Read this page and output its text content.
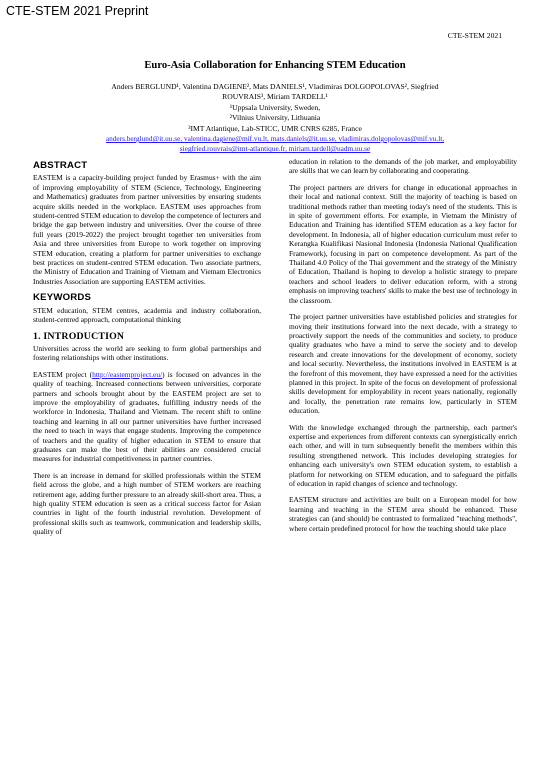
CTE-STEM 2021 Preprint
CTE-STEM 2021
Euro-Asia Collaboration for Enhancing STEM Education
Anders BERGLUND¹, Valentina DAGIENE², Mats DANIELS¹, Vladimiras DOLGOPOLOVAS², Siegfried
ROUVRAIS³, Miriam TARDELL¹
¹Uppsala University, Sweden,
²Vilnius University, Lithuania
³IMT Atlantique, Lab-STICC, UMR CNRS 6285, France
anders.berglund@it.uu.se, valentina.dagiene@mif.vu.lt, mats.daniels@it.uu.se, vladimiras.dolgopolovas@mif.vu.lt,
siegfried.rouvrais@imt-atlantique.fr, miriam.tardell@uadm.uu.se
ABSTRACT

EASTEM is a capacity-building project funded by Erasmus+ with the aim of improving employability of STEM (Science, Technology, Engineering and Mathematics) graduates from partner universities by ensuring students acquire skills needed in the workplace. EASTEM uses approaches from student-centred STEM education to develop the competence of lecturers and bridge the gap between industry and universities. Over the course of three full years (2019-2022) the project brought together ten universities from Asia and three universities from Europe to work together on improving STEM education, creating a platform for partner universities to exchange best practices on student-centred STEM education. Two associate partners, the Ministry of Education and Training of Vietnam and Vietnam Electronics Industries Association are supporting EASTEM activities.

KEYWORDS

STEM education, STEM centres, academia and industry collaboration, student-centred approach, computational thinking

1. INTRODUCTION

Universities across the world are seeking to form global partnerships and fostering relationships with other institutions.

EASTEM project (http://eastemproject.eu/) is focused on advances in the quality of teaching. Increased connections between universities, corporate partners and schools brought about by the EASTEM project are set to improve the employability of graduates, fulfilling industry needs of the workforce in Indonesia, Thailand and Vietnam. The recent shift to online teaching and learning in all our partner universities have further increased the need to teach in ways that engage students. Improving the competence of teachers and the quality of higher education in STEM to ensure that graduates can make the best of their abilities are considered crucial measures for industrial competitiveness in partner countries.

There is an increase in demand for skilled professionals within the STEM field across the globe, and a high number of STEM workers are reaching retirement age, adding further pressure to an already skill-short area. Thus, a high quality STEM education is seen as a critical success factor for Asian countries in light of the fourth industrial revolution. Development of professional skills such as teamwork, communication and leadership skills, quality of

education in relation to the demands of the job market, and employability are skills that we can learn by collaborating and cooperating.

The project partners are drivers for change in educational approaches in their local and national context. Still the majority of teaching is based on traditional methods rather than meeting today's need of the students. This is in spite of government efforts. For example, in Vietnam the Ministry of Education and Training has identified STEM education as a key factor for development. In Indonesia, all of higher education curriculum must refer to Kerangka Kualifikasi Nasional Indonesia (Indonesia National Qualification Framework), focusing in part on competence development. As part of the Thailand 4.0 Policy of the Thai government and the strategy of the Ministry of Education, Thailand is hoping to develop a holistic strategy to prepare teachers and school leaders to deliver education reform, with a strong emphasis on improving teachers' skills to make the best use of technology in the classroom.

The project partner universities have established policies and strategies for moving their institutions forward into the next decade, with a strategy to proactively support the needs of the communities and society, to produce quality graduates who have a mind to serve the society and to develop research and create innovations for the development of economy, society and local security. Nevertheless, the institutions involved in EASTEM is at the forefront of this movement, they have expressed a need for the activities planned in this project. In spite of the focus on development of professional skills development for employability in recent years nationally, regionally and locally, the penetration rate remains low, particularly in STEM education.

With the knowledge exchanged through the partnership, each partner's expertise and experiences from different contexts can synergistically enrich each other, and will in turn subsequently benefit the members within this resulting strengthened network. This includes developing strategies for enhancing each university's own STEM education system, to establish a platform for networking on STEM education, and to safeguard the pitfalls of education in rapid changes of science and technology.

EASTEM structure and activities are built on a European model for how learning and teaching in the STEM area should be enhanced. These strategies can (and should) be contrasted to formalized "teaching methods", where certain predefined protocol for how the teaching should take place
